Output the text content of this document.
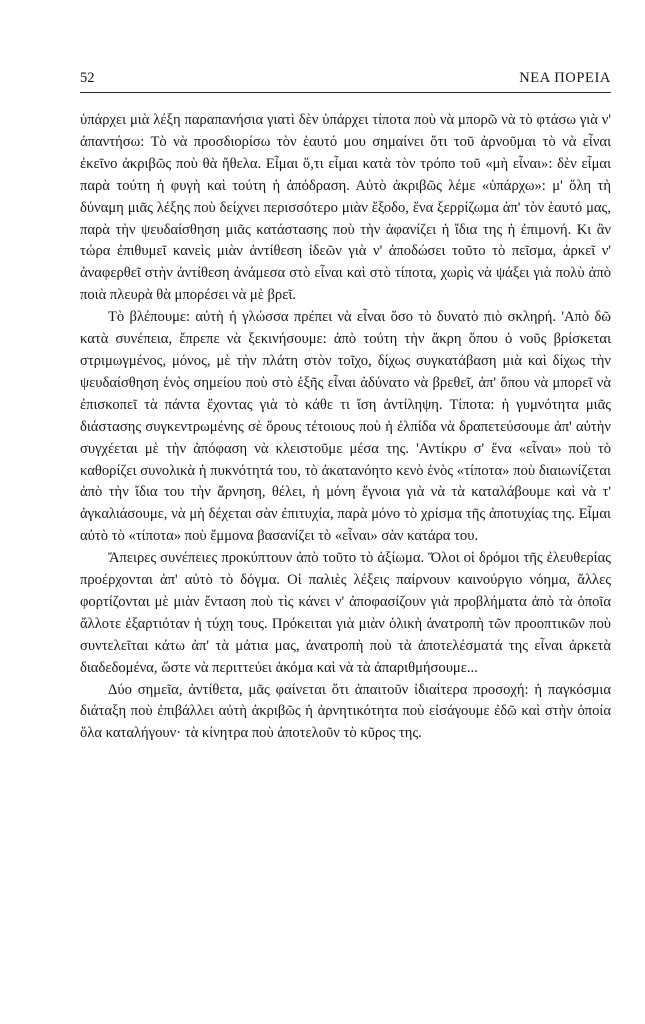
52	ΝΕΑ ΠΟΡΕΙΑ

ὑπάρχει μιὰ λέξη παραπανήσια γιατὶ δὲν ὑπάρχει τίποτα ποὺ νὰ μπορῶ νὰ τὸ φτάσω γιὰ ν' ἀπαντήσω: Τὸ νὰ προσδιορίσω τὸν ἑαυτό μου σημαίνει ὅτι τοῦ ἀρνοῦμαι τὸ νὰ εἶναι ἐκεῖνο ἀκριβῶς ποὺ θὰ ἤθελα. Εἶμαι ὅ,τι εἶμαι κατὰ τὸν τρόπο τοῦ «μὴ εἶναι»: δὲν εἶμαι παρὰ τούτη ἡ φυγὴ καὶ τούτη ἡ ἀπόδραση. Αὐτὸ ἀκριβῶς λέμε «ὑπάρχω»: μ' ὅλη τὴ δύναμη μιᾶς λέξης ποὺ δείχνει περισσότερο μιὰν ἔξοδο, ἕνα ξερρίζωμα ἀπ' τὸν ἑαυτό μας, παρὰ τὴν ψευδαίσθηση μιᾶς κατάστασης ποὺ τὴν ἀφανίζει ἡ ἴδια της ἡ ἐπιμονή. Κι ἂν τώρα ἐπιθυμεῖ κανεὶς μιὰν ἀντίθεση ἰδεῶν γιὰ ν' ἀποδώσει τοῦτο τὸ πεῖσμα, ἀρκεῖ ν' ἀναφερθεῖ στὴν ἀντίθεση ἀνάμεσα στὸ εἶναι καὶ στὸ τίποτα, χωρὶς νὰ ψάξει γιὰ πολὺ ἀπὸ ποιὰ πλευρὰ θὰ μπορέσει νὰ μὲ βρεῖ.

Τὸ βλέπουμε: αὐτὴ ἡ γλώσσα πρέπει νὰ εἶναι ὅσο τὸ δυνατὸ πιὸ σκληρή. 'Απὸ δῶ κατὰ συνέπεια, ἔπρεπε νὰ ξεκινήσουμε: ἀπὸ τούτη τὴν ἄκρη ὅπου ὁ νοῦς βρίσκεται στριμωγμένος, μόνος, μὲ τὴν πλάτη στὸν τοῖχο, δίχως συγκατάβαση μιὰ καὶ δίχως τὴν ψευδαίσθηση ἑνὸς σημείου ποὺ στὸ ἑξῆς εἶναι ἀδύνατο νὰ βρεθεῖ, ἀπ' ὅπου νὰ μπορεῖ νὰ ἐπισκοπεῖ τὰ πάντα ἔχοντας γιὰ τὸ κάθε τι ἴση ἀντίληψη. Τίποτα: ἡ γυμνότητα μιᾶς διάστασης συγκεντρωμένης σὲ ὅρους τέτοιους ποὺ ἡ ἐλπίδα νὰ δραπετεύσουμε ἀπ' αὐτὴν συγχέεται μὲ τὴν ἀπόφαση νὰ κλειστοῦμε μέσα της. 'Αντίκρυ σ' ἕνα «εἶναι» ποὺ τὸ καθορίζει συνολικὰ ἡ πυκνότητά του, τὸ ἀκατανόητο κενὸ ἑνὸς «τίποτα» ποὺ διαιωνίζεται ἀπὸ τὴν ἴδια του τὴν ἄρνηση, θέλει, ἡ μόνη ἔγνοια γιὰ νὰ τὰ καταλάβουμε καὶ νὰ τ' ἀγκαλιάσουμε, νὰ μὴ δέχεται σὰν ἐπιτυχία, παρὰ μόνο τὸ χρίσμα τῆς ἀποτυχίας της. Εἶμαι αὐτὸ τὸ «τίποτα» ποὺ ἔμμονα βασανίζει τὸ «εἶναι» σὰν κατάρα του.

Ἄπειρες συνέπειες προκύπτουν ἀπὸ τοῦτο τὸ ἀξίωμα. Ὅλοι οἱ δρόμοι τῆς ἐλευθερίας προέρχονται ἀπ' αὐτὸ τὸ δόγμα. Οἱ παλιὲς λέξεις παίρνουν καινούργιο νόημα, ἄλλες φορτίζονται μὲ μιὰν ἔνταση ποὺ τὶς κάνει ν' ἀποφασίζουν γιὰ προβλήματα ἀπὸ τὰ ὁποῖα ἄλλοτε ἐξαρτιόταν ἡ τύχη τους. Πρόκειται γιὰ μιὰν ὁλικὴ ἀνατροπὴ τῶν προοπτικῶν ποὺ συντελεῖται κάτω ἀπ' τὰ μάτια μας, ἀνατροπὴ ποὺ τὰ ἀποτελέσματά της εἶναι ἀρκετὰ διαδεδομένα, ὥστε νὰ περιττεύει ἀκόμα καὶ νὰ τὰ ἀπαριθμήσουμε...

Δύο σημεῖα, ἀντίθετα, μᾶς φαίνεται ὅτι ἀπαιτοῦν ἰδιαίτερα προσοχή: ἡ παγκόσμια διάταξη ποὺ ἐπιβάλλει αὐτὴ ἀκριβῶς ἡ ἀρνητικότητα ποὺ εἰσάγουμε ἐδῶ καὶ στὴν ὁποία ὅλα καταλήγουν· τὰ κίνητρα ποὺ ἀποτελοῦν τὸ κῦρος της.
